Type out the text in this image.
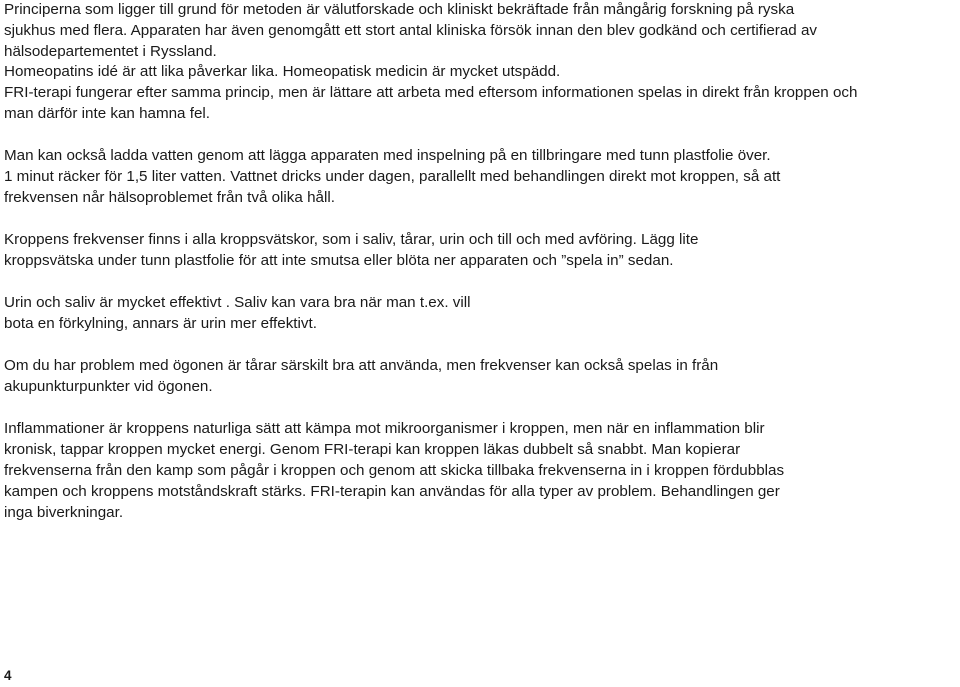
Principerna som ligger till grund för metoden är välutforskade och kliniskt bekräftade från mångårig forskning på ryska
sjukhus med flera. Apparaten har även genomgått ett stort antal kliniska försök innan den blev godkänd och certifierad av
hälsodepartementet i Ryssland.
Homeopatins idé är att lika påverkar lika. Homeopatisk medicin är mycket utspädd.
FRI-terapi fungerar efter samma princip, men är lättare att arbeta med eftersom informationen spelas in direkt från kroppen och
man därför inte kan hamna fel.
Man kan också ladda vatten genom att lägga apparaten med inspelning på en tillbringare med tunn plastfolie över.
1 minut räcker för 1,5 liter vatten. Vattnet dricks under dagen, parallellt med behandlingen direkt mot kroppen, så att
frekvensen når hälsoproblemet från två olika håll.
Kroppens frekvenser finns i alla kroppsvätskor, som i saliv, tårar, urin och till och med avföring. Lägg lite
kroppsvätska under tunn plastfolie för att inte smutsa eller blöta ner apparaten och ”spela in” sedan.
Urin och saliv är mycket effektivt . Saliv kan vara bra när man t.ex. vill
bota en förkylning, annars är urin mer effektivt.
Om du har problem med ögonen är tårar särskilt bra att använda, men frekvenser kan också spelas in från
akupunkturpunkter vid ögonen.
Inflammationer är kroppens naturliga sätt att kämpa mot mikroorganismer i kroppen, men när en inflammation blir
kronisk, tappar kroppen mycket energi. Genom FRI-terapi kan kroppen läkas dubbelt så snabbt. Man kopierar
frekvenserna från den kamp som pågår i kroppen och genom att skicka tillbaka frekvenserna in i kroppen fördubblas
kampen och kroppens motståndskraft stärks. FRI-terapin kan användas för alla typer av problem. Behandlingen ger
inga biverkningar.
4
